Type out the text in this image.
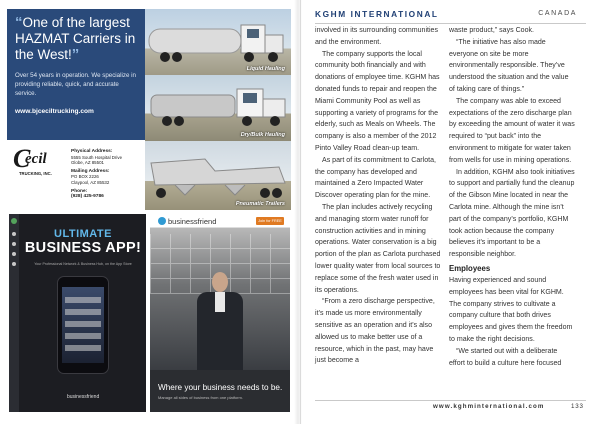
“One of the largest HAZMAT Carriers in the West!”
Over 54 years in operation. We specialize in providing reliable, quick, and accurate service.
www.bjceciltrucking.com
Liquid Hauling
Dry/Bulk Hauling
Pneumatic Trailers
C
ecil
TRUCKING, INC.
Physical Address:
5555 South Hospital Drive
Globe, AZ 85501
Mailing Address:
PO BOX 2226
Claypool, AZ 85532
Phone:
(928) 425-9786
ULTIMATE
BUSINESS APP!
Your Professional Network & Business Hub, on the App Store
businessfriend
businessfriend	Join for FREE
Where your business needs to be.
Manage all sides of business from one platform.
KGHM INTERNATIONAL	CANADA

involved in its surrounding communities and the environment.

The company supports the local community both financially and with donations of employee time. KGHM has donated funds to repair and reopen the Miami Community Pool as well as supporting a variety of programs for the elderly, such as Meals on Wheels. The company is also a member of the 2012 Pinto Valley Road clean-up team.

As part of its commitment to Carlota, the company has developed and maintained a Zero Impacted Water Discover operating plan for the mine.

The plan includes actively recycling and managing storm water runoff for construction activities and in mining operations. Water conservation is a big portion of the plan as Carlota purchased lower quality water from local sources to replace some of the fresh water used in its operations.

“From a zero discharge perspective, it’s made us more environmentally sensitive as an operation and it’s also allowed us to make better use of a resource, which in the past, may have just become a

waste product,” says Cook.

“The initiative has also made everyone on site be more environmentally responsible. They’ve understood the situation and the value of taking care of things.”

The company was able to exceed expectations of the zero discharge plan by exceeding the amount of water it was required to “put back” into the environment to mitigate for water taken from wells for use in mining operations.

In addition, KGHM also took initiatives to support and partially fund the cleanup of the Gibson Mine located in near the Carlota mine. Although the mine isn’t part of the company’s portfolio, KGHM took action because the company believes it’s important to be a responsible neighbor.

Employees

Having experienced and sound employees has been vital for KGHM. The company strives to cultivate a company culture that both drives employees and gives them the freedom to make the right decisions.

“We started out with a deliberate effort to build a culture here focused

www.kghminternational.com	133
